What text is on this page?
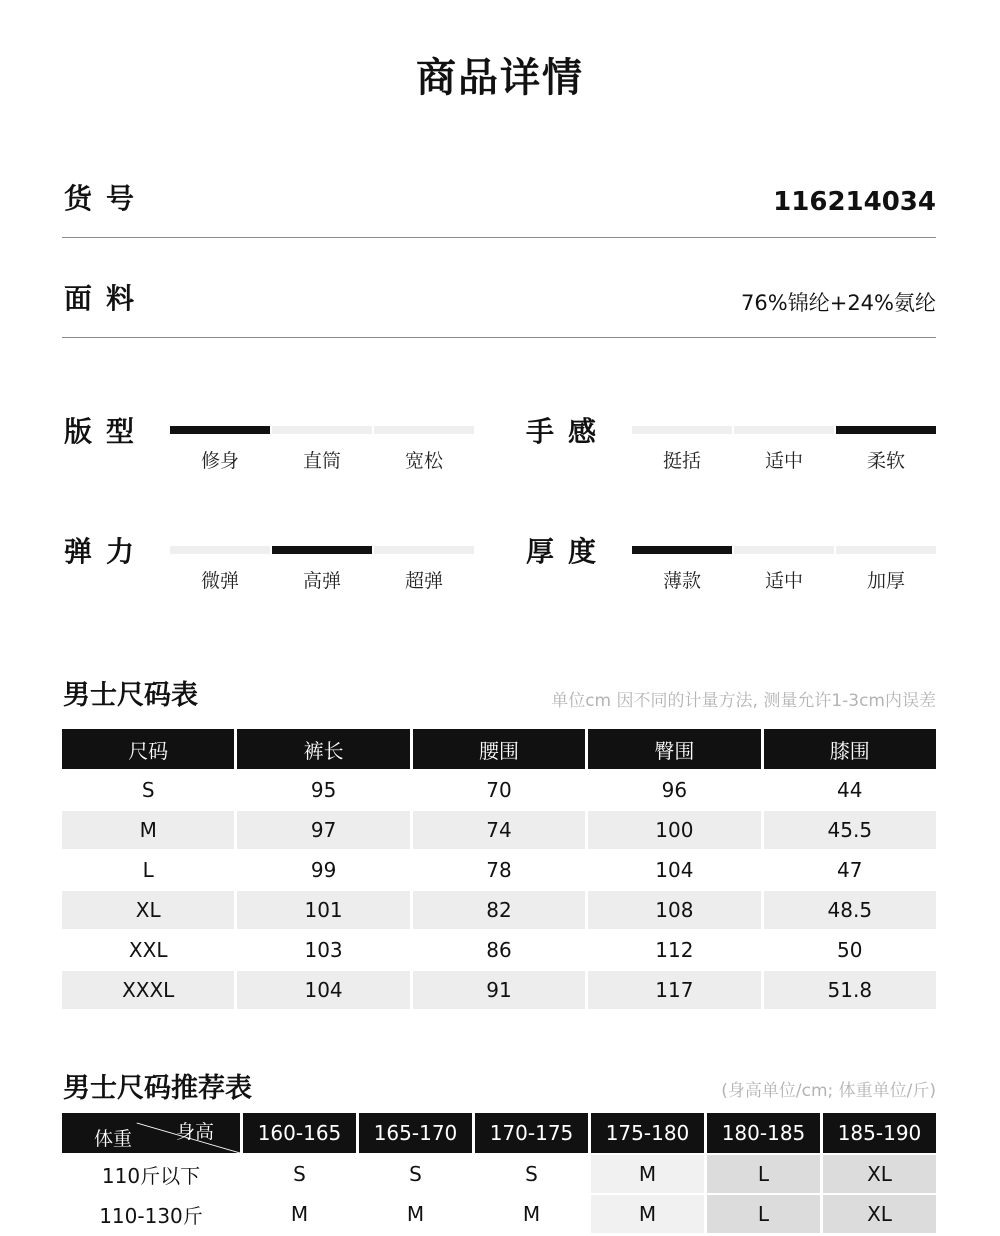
商品详情
货号	116214034
面料	76%锦纶+24%氨纶
版型
修身	直筒	宽松
手感
挺括	适中	柔软
弹力
微弹	高弹	超弹
厚度
薄款	适中	加厚
男士尺码表	单位cm 因不同的计量方法, 测量允许1-3cm内误差
尺码	裤长	腰围	臀围	膝围
S	95	70	96	44
M	97	74	100	45.5
L	99	78	104	47
XL	101	82	108	48.5
XXL	103	86	112	50
XXXL	104	91	117	51.8
男士尺码推荐表	(身高单位/cm; 体重单位/斤)
身高
体重	160-165	165-170	170-175	175-180	180-185	185-190
110斤以下	S	S	S	M	L	XL
110-130斤	M	M	M	M	L	XL
